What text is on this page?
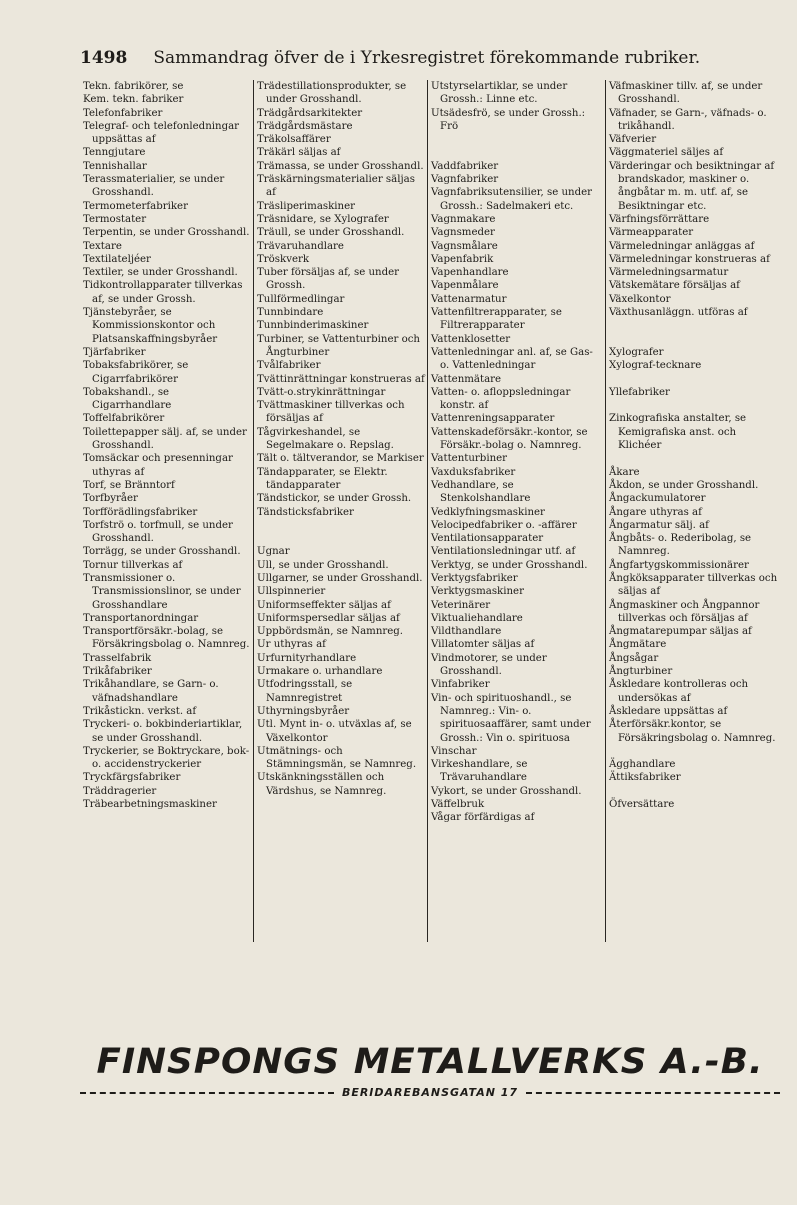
1498 Sammandrag öfver de i Yrkesregistret förekommande rubriker.
Tekn. fabrikörer, se
Kem. tekn. fabriker
Telefonfabriker
Telegraf- och telefonledningar uppsättas af
Tenngjutare
Tennishallar
Terassmaterialier, se under Grosshandl.
Termometerfabriker
Termostater
Terpentin, se under Grosshandl.
Textare
Textilateljéer
Textiler, se under Grosshandl.
Tidkontrollapparater tillverkas af, se under Grossh.
Tjänstebyråer, se Kommissionskontor och Platsanskaffningsbyråer
Tjärfabriker
Tobaksfabrikörer, se Cigarrfabrikörer
Tobakshandl., se Cigarrhandlare
Toffelfabrikörer
Toilettepapper sälj. af, se under Grosshandl.
Tomsäckar och presenningar uthyras af
Torf, se Bränntorf
Torfbyråer
Torfförädlingsfabriker
Torfströ o. torfmull, se under Grosshandl.
Torrägg, se under Grosshandl.
Tornur tillverkas af
Transmissioner o. Transmissionslinor, se under Grosshandlare
Transportanordningar
Transportförsäkr.-bolag, se Försäkringsbolag o. Namnreg.
Trasselfabrik
Trikåfabriker
Trikåhandlare, se Garn- o. väfnadshandlare
Trikåstickn. verkst. af
Tryckeri- o. bokbinderiartiklar, se under Grosshandl.
Tryckerier, se Boktryckare, bok- o. accidenstryckerier
Tryckfärgsfabriker
Träddragerier
Träbearbetningsmaskiner
Trädestillationsprodukter, se under Grosshandl.
Trädgårdsarkitekter
Trädgårdsmästare
Träkolsaffärer
Träkärl säljas af
Trämassa, se under Grosshandl.
Träskärningsmaterialier säljas af
Träsliperimaskiner
Träsnidare, se Xylografer
Träull, se under Grosshandl.
Trävaruhandlare
Tröskverk
Tuber försäljas af, se under Grossh.
Tullförmedlingar
Tunnbindare
Tunnbinderimaskiner
Turbiner, se Vattenturbiner och Ångturbiner
Tvålfabriker
Tvättinrättningar konstrueras af
Tvätt-o.strykinrättningar
Tvättmaskiner tillverkas och försäljas af
Tågvirkeshandel, se Segelmakare o. Repslag.
Tält o. tältverandor, se Markiser
Tändapparater, se Elektr. tändapparater
Tändstickor, se under Grossh.
Tändsticksfabriker

Ugnar
Ull, se under Grosshandl.
Ullgarner, se under Grosshandl.
Ullspinnerier
Uniformseffekter säljas af
Uniformspersedlar säljas af
Uppbördsmän, se Namnreg.
Ur uthyras af
Urfurnityrhandlare
Urmakare o. urhandlare
Utfodringsstall, se Namnregistret
Uthyrningsbyråer
Utl. Mynt in- o. utväxlas af, se Växelkontor
Utmätnings- och Stämningsmän, se Namnreg.
Utskänkningsställen och Värdshus, se Namnreg.
Utstyrselartiklar, se under Grossh.: Linne etc.
Utsädesfrö, se under Grossh.: Frö

Vaddfabriker
Vagnfabriker
Vagnfabriksutensilier, se under Grossh.: Sadelmakeri etc.
Vagnmakare
Vagnsmeder
Vagnsmålare
Vapenfabrik
Vapenhandlare
Vapenmålare
Vattenarmatur
Vattenfiltrerapparater, se Filtrerapparater
Vattenklosetter
Vattenledningar anl. af, se Gas- o. Vattenledningar
Vattenmätare
Vatten- o. afloppsledningar konstr. af
Vattenreningsapparater
Vattenskadeförsäkr.-kontor, se Försäkr.-bolag o. Namnreg.
Vattenturbiner
Vaxduksfabriker
Vedhandlare, se Stenkolshandlare
Vedklyfningsmaskiner
Velocipedfabriker o. -affärer
Ventilationsapparater
Ventilationsledningar utf. af
Verktyg, se under Grosshandl.
Verktygsfabriker
Verktygsmaskiner
Veterinärer
Viktualiehandlare
Vildthandlare
Villatomter säljas af
Vindmotorer, se under Grosshandl.
Vinfabriker
Vin- och spirituoshandl., se Namnreg.: Vin- o. spirituosaaffärer, samt under Grossh.: Vin o. spirituosa
Vinschar
Virkeshandlare, se Trävaruhandlare
Vykort, se under Grosshandl.
Väffelbruk
Vågar förfärdigas af
Väfmaskiner tillv. af, se under Grosshandl.
Väfnader, se Garn-, väfnads- o. trikåhandl.
Väfverier
Väggmateriel säljes af
Värderingar och besiktningar af brandskador, maskiner o. ångbåtar m. m. utf. af, se Besiktningar etc.
Värfningsförrättare
Värmeapparater
Värmeledningar anläggas af
Värmeledningar konstrueras af
Värmeledningsarmatur
Vätskemätare försäljas af
Växelkontor
Växthusanläggn. utföras af

Xylografer
Xylograf-tecknare

Yllefabriker

Zinkografiska anstalter, se Kemigrafiska anst. och Klichéer

Åkare
Åkdon, se under Grosshandl.
Ångackumulatorer
Ångare uthyras af
Ångarmatur sälj. af
Ångbåts- o. Rederibolag, se Namnreg.
Ångfartygskommissionärer
Ångköksapparater tillverkas och säljas af
Ångmaskiner och Ångpannor tillverkas och försäljas af
Ångmatarepumpar säljas af
Ångmätare
Ångsågar
Ångturbiner
Åskledare kontrolleras och undersökas af
Åskledare uppsättas af
Återförsäkr.kontor, se Försäkringsbolag o. Namnreg.

Ägghandlare
Ättiksfabriker

Öfversättare
FINSPONGS METALLVERKS A.-B.
BERIDAREBANSGATAN 17
